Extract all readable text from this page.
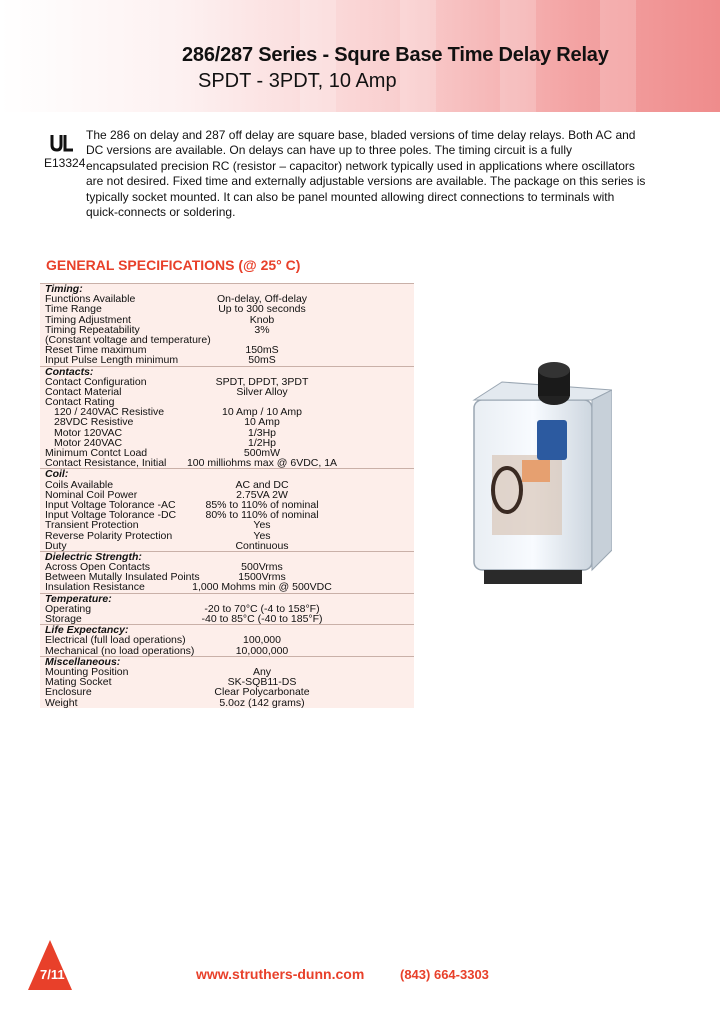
286/287 Series - Squre Base Time Delay Relay
SPDT - 3PDT, 10 Amp
E13324
The 286 on delay and 287 off delay are square base, bladed versions of time delay relays. Both AC and DC versions are available. On delays can have up to three poles. The timing circuit is a fully encapsulated precision RC (resistor – capacitor) network typically used in applications where oscillators are not desired. Fixed time and externally adjustable versions are available. The package on this series is typically socket mounted. It can also be panel mounted allowing direct connections to terminals with quick-connects or soldering.
GENERAL SPECIFICATIONS (@ 25° C)
Timing:
Functions Available	On-delay, Off-delay
Time Range	Up to 300 seconds
Timing Adjustment	Knob
Timing Repeatability	3%
(Constant voltage and temperature)
Reset Time maximum	150mS
Input Pulse Length minimum	50mS
Contacts:
Contact Configuration	SPDT, DPDT, 3PDT
Contact Material	Silver Alloy
Contact Rating
120 / 240VAC Resistive	10 Amp / 10 Amp
28VDC Resistive	10 Amp
Motor 120VAC	1/3Hp
Motor 240VAC	1/2Hp
Minimum Contct Load	500mW
Contact Resistance, Initial 100 milliohms max @ 6VDC, 1A
Coil:
Coils Available	AC and DC
Nominal Coil Power	2.75VA 2W
Input Voltage Tolorance -AC	85% to 110% of nominal
Input Voltage Tolorance -DC	80% to 110% of nominal
Transient Protection	Yes
Reverse Polarity Protection	Yes
Duty	Continuous
Dielectric Strength:
Across Open Contacts	500Vrms
Between Mutally Insulated Points	1500Vrms
Insulation Resistance	1,000 Mohms min @ 500VDC
Temperature:
Operating	-20 to 70°C (-4 to 158°F)
Storage	-40 to 85°C (-40 to 185°F)
Life Expectancy:
Electrical (full load operations)	100,000
Mechanical (no load operations)	10,000,000
Miscellaneous:
Mounting Position	Any
Mating Socket	SK-SQB11-DS
Enclosure	Clear Polycarbonate
Weight	5.0oz (142 grams)
7/11	www.struthers-dunn.com	(843) 664-3303
